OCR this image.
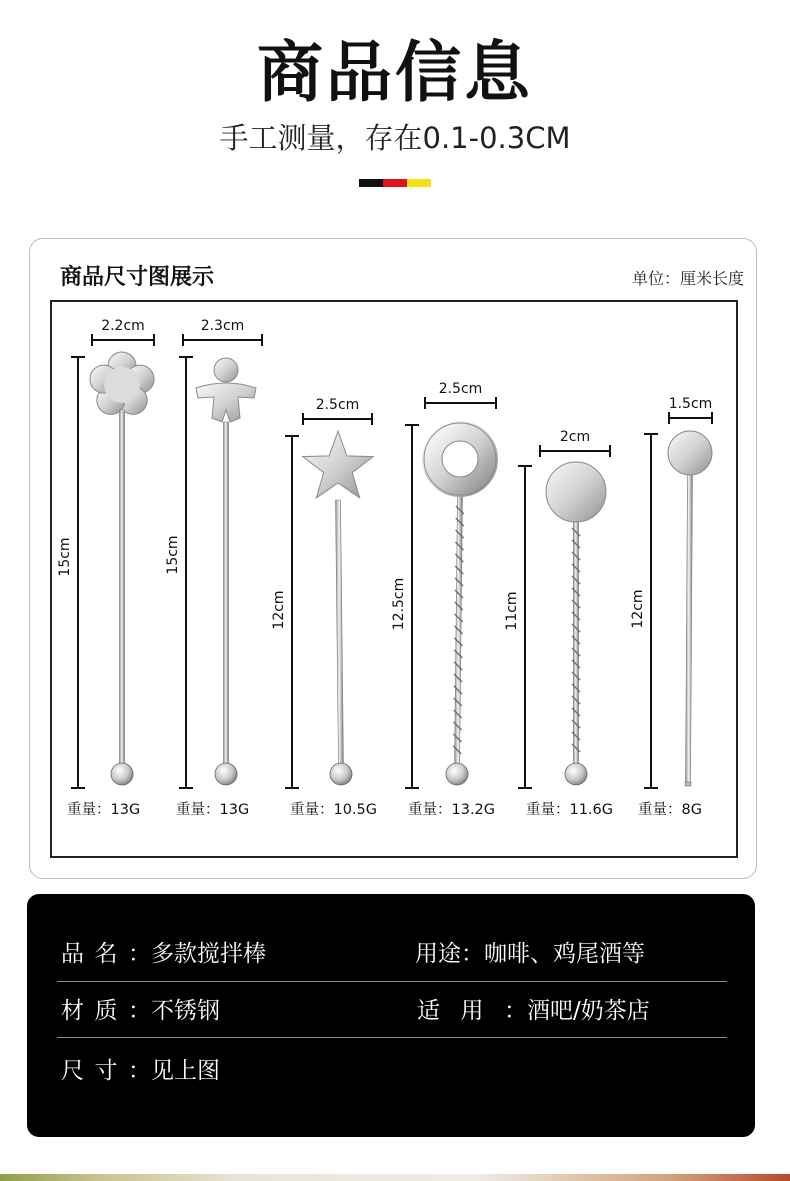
商品信息
手工测量，存在0.1-0.3CM
商品尺寸图展示	单位：厘米长度
15cm
2.2cm
重量：13G
15cm
2.3cm
重量：13G
12cm
2.5cm
重量：10.5G
12.5cm
2.5cm
重量：13.2G
11cm
2cm
重量：11.6G
12cm
1.5cm
重量：8G
品名：多款搅拌棒	用途：咖啡、鸡尾酒等
材质：不锈钢	适用：酒吧/奶茶店
尺寸：见上图
